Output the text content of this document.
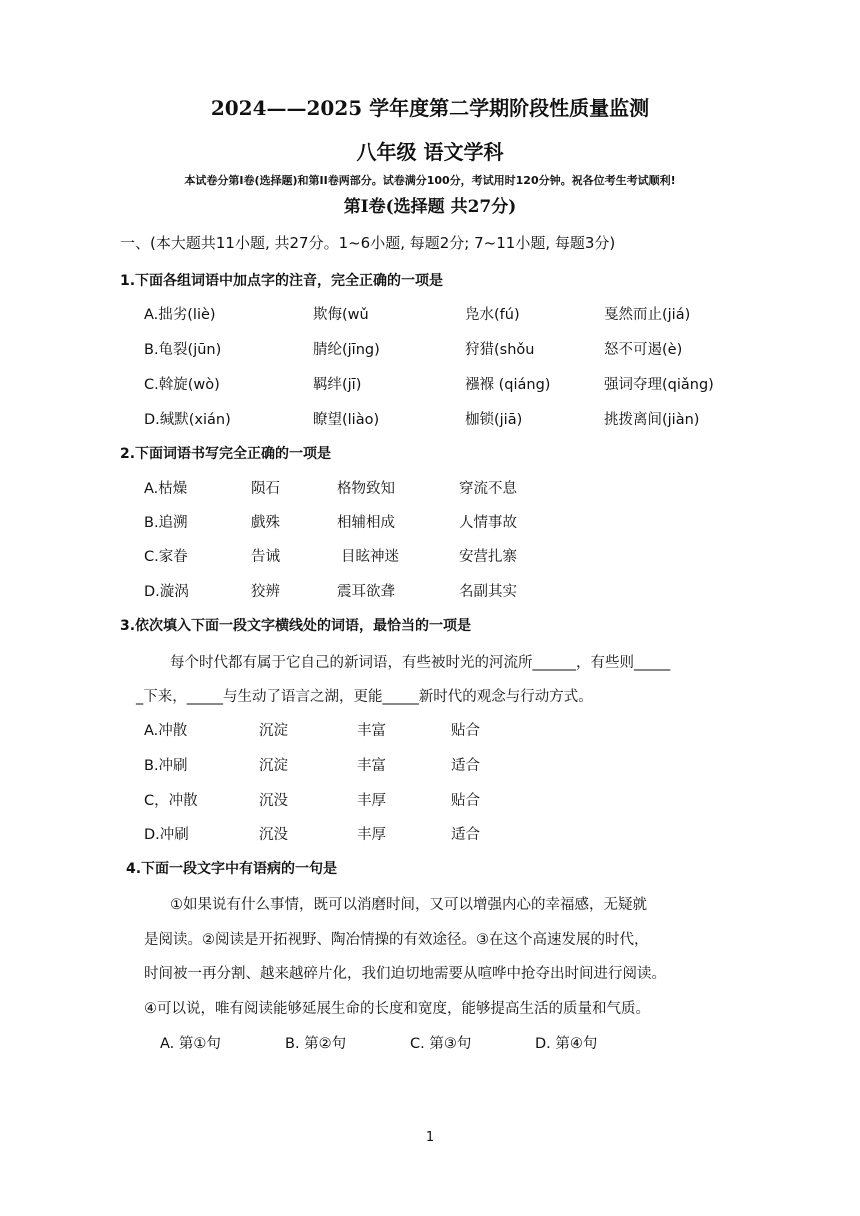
2024——2025 学年度第二学期阶段性质量监测
八年级 语文学科
本试卷分第Ⅰ卷(选择题)和第II卷两部分。试卷满分100分，考试用时120分钟。祝各位考生考试顺利!
第Ⅰ卷(选择题 共27分)
一、(本大题共11小题, 共27分。1~6小题, 每题2分; 7~11小题, 每题3分)
1.下面各组词语中加点字的注音，完全正确的一项是
A.拙劣(liè)	欺侮(wǔ	凫水(fú)	戛然而止(jiá)
B.龟裂(jūn)	腈纶(jīng)	狩猎(shǒu	怒不可遏(è)
C.斡旋(wò)	羁绊(jī)	襁褓 (qiáng)	强词夺理(qiǎng)
D.缄默(xián)	瞭望(liào)	枷锁(jiā)	挑拨离间(jiàn)
2.下面词语书写完全正确的一项是
A.枯燥	陨石	格物致知	穿流不息
B.追溯	戲殊	相辅相成	人情事故
C.家眷	告诫	目眩神迷	安营扎寨
D.漩涡	狡辨	震耳欲聋	名副其实
3.依次填入下面一段文字横线处的词语，最恰当的一项是
每个时代都有属于它自己的新词语，有些被时光的河流所______，有些则_____
_下来，_____与生动了语言之湖，更能_____新时代的观念与行动方式。
A.冲散	沉淀	丰富	贴合
B.冲刷	沉淀	丰富	适合
C，冲散	沉没	丰厚	贴合
D.冲刷	沉没	丰厚	适合
4.下面一段文字中有语病的一句是
①如果说有什么事情，既可以消磨时间，又可以增强内心的幸福感，无疑就
是阅读。②阅读是开拓视野、陶冶情操的有效途径。③在这个高速发展的时代，
时间被一再分割、越来越碎片化，我们迫切地需要从喧哗中抢夺出时间进行阅读。
④可以说，唯有阅读能够延展生命的长度和宽度，能够提高生活的质量和气质。
A. 第①句	B. 第②句	C. 第③句	D. 第④句
1
